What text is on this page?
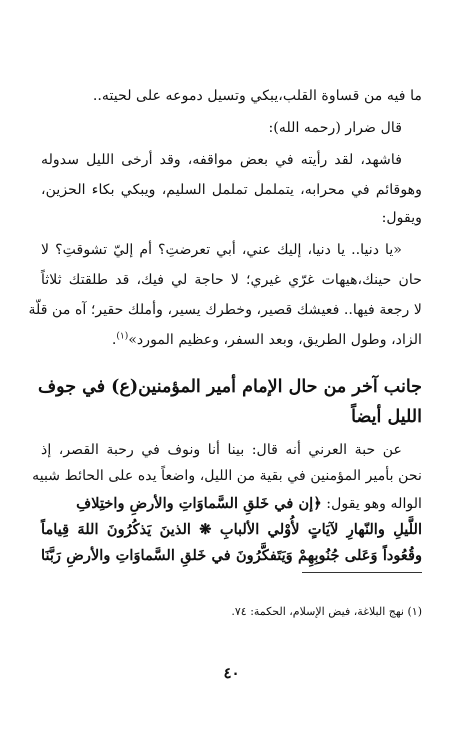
ما فيه من قساوة القلب،يبكي وتسيل دموعه على لحيته..
قال ضرار (رحمه الله):
فاشهد، لقد رأيته في بعض مواقفه، وقد أرخى الليل سدوله
وهوقائم في محرابه، يتململ تململ السليم، ويبكي بكاء الحزين،
ويقول:
«يا دنيا.. يا دنيا، إليك عني، أبي تعرضتِ؟ أم إليّ تشوقتِ؟ لا
حان حينك،هيهات غرّي غيري؛ لا حاجة لي فيك، قد طلقتك ثلاثاً
لا رجعة فيها.. فعيشك قصير، وخطرك يسير، وأملك حقير؛ آه من قلّة
الزاد، وطول الطريق، وبعد السفر، وعظيم المورد»$^{(١)}$.
جانب آخر من حال الإمام أمير المؤمنين(ع) في جوف
الليل أيضاً
عن حبة العرني أنه قال: بينا أنا ونوف في رحبة القصر، إذ
نحن بأمير المؤمنين في بقية من الليل، واضعاً يده على الحائط شبيه
الواله وهو يقول: ﴿إن في خَلقِ السَّماوَاتِ والأرضِ واختِلافِ
اللَّيلِ والنّهارِ لآيَاتٍ لأُوْلي الألبابِ ❋ الذينَ يَذكُرُونَ اللهَ قِياماً
وقُعُوداً وَعَلى جُنُوبِهِمْ وَيَتَفكَّرُونَ في خَلقِ السَّماوَاتِ والأرضِ رَبَّنَا
(١) نهج البلاغة، فيض الإسلام، الحكمة: ٧٤.
٤٠
